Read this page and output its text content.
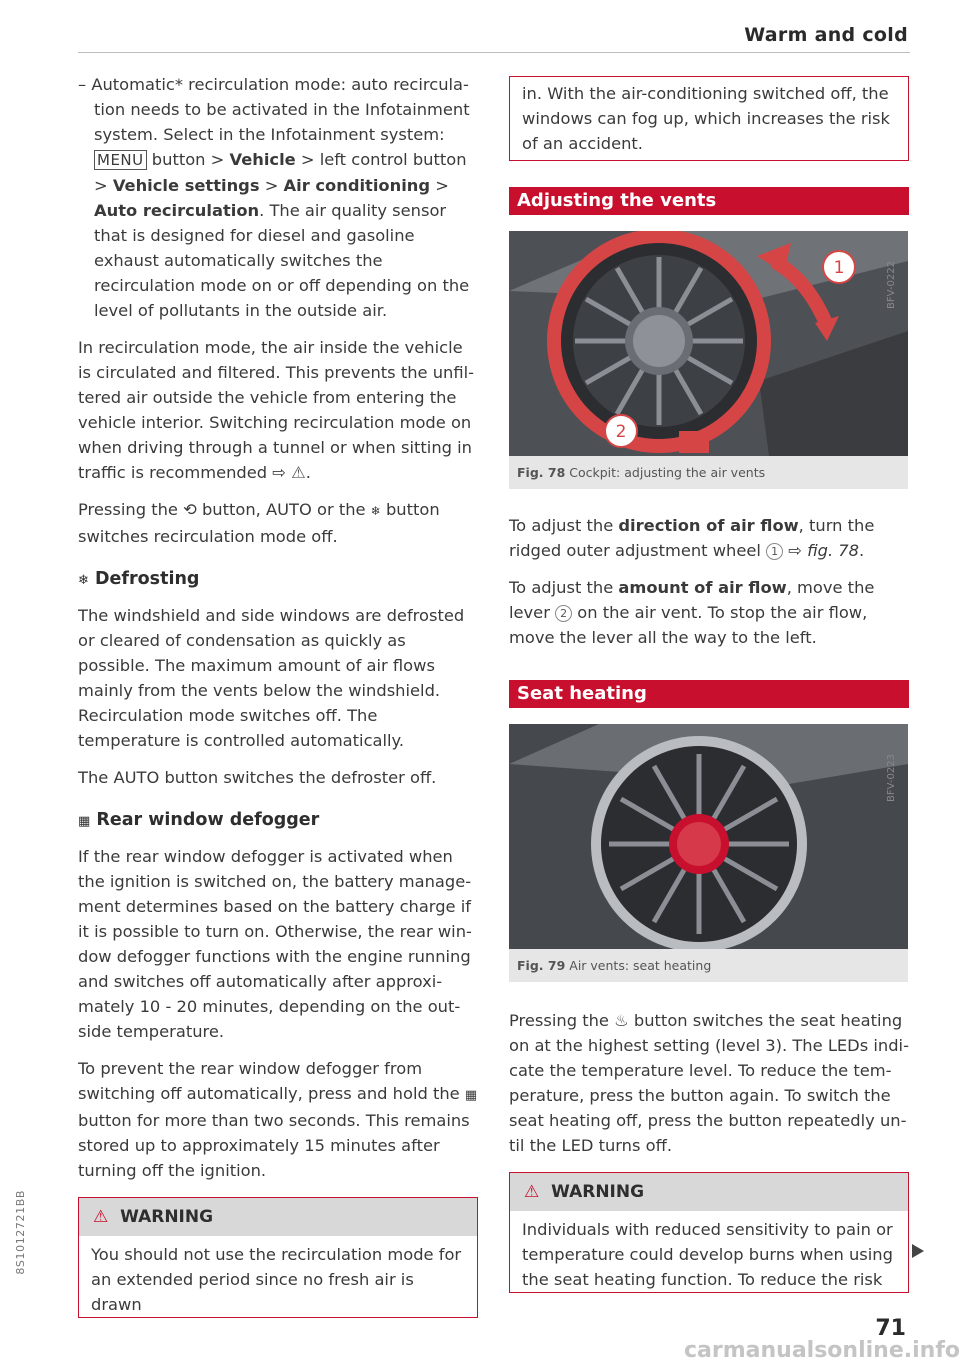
Warm and cold

– Automatic* recirculation mode: auto recirculation needs to be activated in the Infotainment system. Select in the Infotainment system:
MENU button > Vehicle > left control button > Vehicle settings > Air conditioning > Auto recirculation. The air quality sensor that is designed for diesel and gasoline exhaust automatically switches the recirculation mode on or off depending on the level of pollutants in the outside air.

In recirculation mode, the air inside the vehicle is circulated and filtered. This prevents the unfiltered air outside the vehicle from entering the vehicle interior. Switching recirculation mode on when driving through a tunnel or when sitting in traffic is recommended ⇨ ⚠.

Pressing the ⟲ button, AUTO or the ❄ button switches recirculation mode off.

❄ Defrosting

The windshield and side windows are defrosted or cleared of condensation as quickly as possible. The maximum amount of air flows mainly from the vents below the windshield. Recirculation mode switches off. The temperature is controlled automatically.

The AUTO button switches the defroster off.

▦ Rear window defogger

If the rear window defogger is activated when the ignition is switched on, the battery management determines based on the battery charge if it is possible to turn on. Otherwise, the rear window defogger functions with the engine running and switches off automatically after approximately 10 - 20 minutes, depending on the outside temperature.

To prevent the rear window defogger from switching off automatically, press and hold the ▦ button for more than two seconds. This remains stored up to approximately 15 minutes after turning off the ignition.

⚠ WARNING
You should not use the recirculation mode for an extended period since no fresh air is drawn
in. With the air-conditioning switched off, the windows can fog up, which increases the risk of an accident.
Adjusting the vents
1
2
BFV-0222
Fig. 78 Cockpit: adjusting the air vents

To adjust the direction of air flow, turn the ridged outer adjustment wheel 1 ⇨ fig. 78.

To adjust the amount of air flow, move the lever 2 on the air vent. To stop the air flow, move the lever all the way to the left.

Seat heating
BFV-0223
Fig. 79 Air vents: seat heating

Pressing the ♨ button switches the seat heating on at the highest setting (level 3). The LEDs indicate the temperature level. To reduce the temperature, press the button again. To switch the seat heating off, press the button repeatedly until the LED turns off.

⚠ WARNING
Individuals with reduced sensitivity to pain or temperature could develop burns when using the seat heating function. To reduce the risk
8S1012721BB
71
carmanualsonline.info
